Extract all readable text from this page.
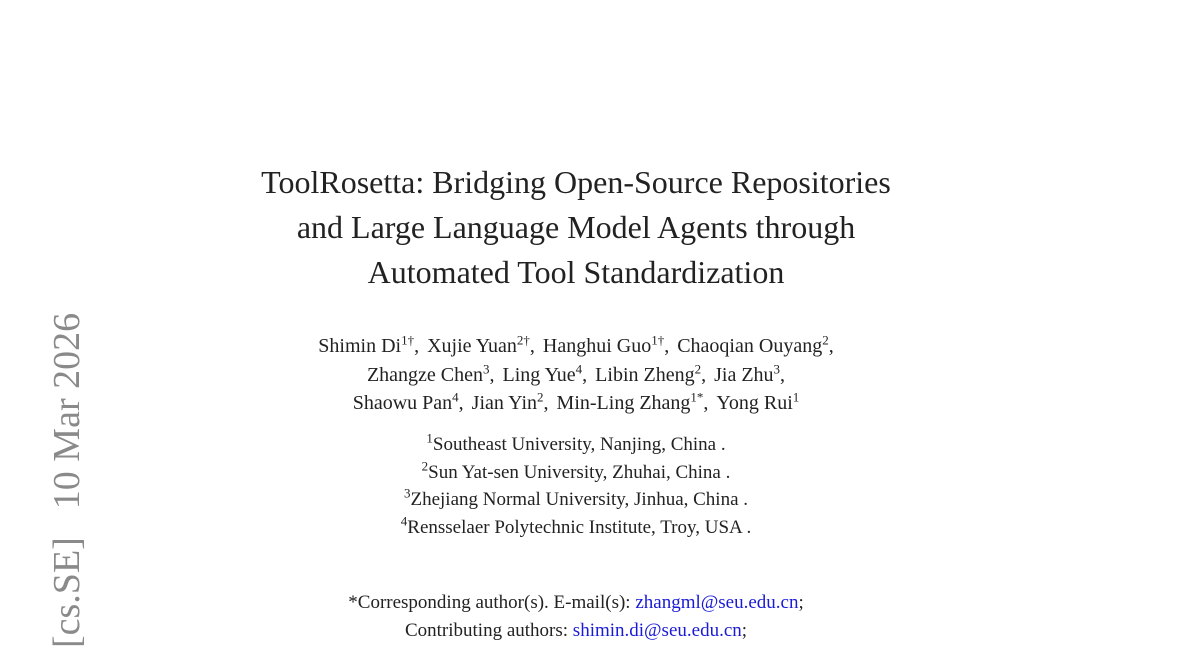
[cs.SE]10 Mar 2026
ToolRosetta: Bridging Open-Source Repositories
and Large Language Model Agents through
Automated Tool Standardization
Shimin $Di^{1\dagger}$, Xujie Yuan$^{2\dagger}$, Hanghui Guo$^{1\dagger}$, Chaoqian Ouyang$^2$,
Zhangze Chen$^3$, Ling Yue$^4$, Libin Zheng$^2$, Jia Zhu$^3$,
Shaowu Pan$^4$, Jian Yin$^2$, Min-Ling Zhang$^{1*}$, Yong Rui$^1$
$^1$Southeast University, Nanjing, China .
$^2$Sun Yat-sen University, Zhuhai, China .
$^3$Zhejiang Normal University, Jinhua, China .
$^4$Rensselaer Polytechnic Institute, Troy, USA .
*Corresponding author(s). E-mail(s): zhangml@seu.edu.cn;
Contributing authors: shimin.di@seu.edu.cn;
